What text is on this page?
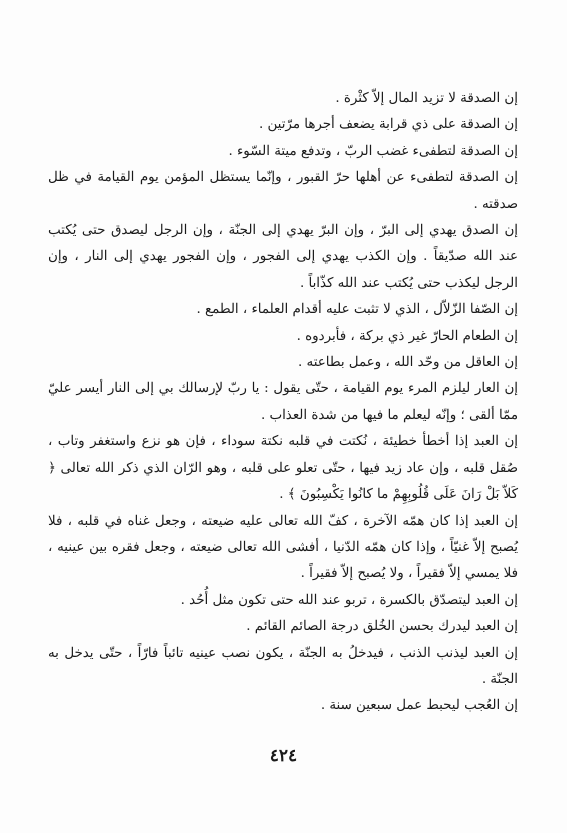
إن الصدقة لا تزيد المال إلاّ كثْرة .

إن الصدقة على ذي قرابة يضعف أجرها مرّتين .

إن الصدقة لتطفىء غضب الربّ ، وتدفع ميتة السّوء .

إن الصدقة لتطفىء عن أهلها حرّ القبور ، وإنّما يستظل المؤمن يوم القيامة في ظل صدقته .

إن الصدق يهدي إلى البرّ ، وإن البرّ يهدي إلى الجنّة ، وإن الرجل ليصدق حتى يُكتب عند الله صدّيقاً . وإن الكذب يهدي إلى الفجور ، وإن الفجور يهدي إلى النار ، وإن الرجل ليكذب حتى يُكتب عند الله كذّاباً .

إن الصّفا الزّلاّل ، الذي لا تثبت عليه أقدام العلماء ، الطمع .

إن الطعام الحارّ غير ذي بركة ، فأبردوه .

إن العاقل من وحّد الله ، وعمل بطاعته .

إن العار ليلزم المرء يوم القيامة ، حتّى يقول : يا ربّ لإرسالك بي إلى النار أيسر عليّ ممّا ألقى ؛ وإنّه ليعلم ما فيها من شدة العذاب .

إن العبد إذا أخطأ خطيئة ، نُكتت في قلبه نكتة سوداء ، فإن هو نزع واستغفر وتاب ، صُقل قلبه ، وإن عاد زيد فيها ، حتّى تعلو على قلبه ، وهو الرّان الذي ذكر الله تعالى ﴿ كَلاّ بَلْ رَانَ عَلَى قُلُوبِهِمْ ما كانُوا يَكْسِبُونَ ﴾ .

إن العبد إذا كان همّه الآخرة ، كفّ الله تعالى عليه ضيعته ، وجعل غناه في قلبه ، فلا يُصبح إلاّ غنيّاً ، وإذا كان همّه الدّنيا ، أفشى الله تعالى ضيعته ، وجعل فقره بين عينيه ، فلا يمسي إلاّ فقيراً ، ولا يُصبح إلاّ فقيراً .

إن العبد ليتصدّق بالكسرة ، تربو عند الله حتى تكون مثل أُحُد .

إن العبد ليدرك بحسن الخُلق درجة الصائم القائم .

إن العبد ليذنب الذنب ، فيدخلُ به الجنّة ، يكون نصب عينيه تائباً فارّاً ، حتّى يدخل به الجنّة .

إن العُجب ليحبط عمل سبعين سنة .

٤٢٤
